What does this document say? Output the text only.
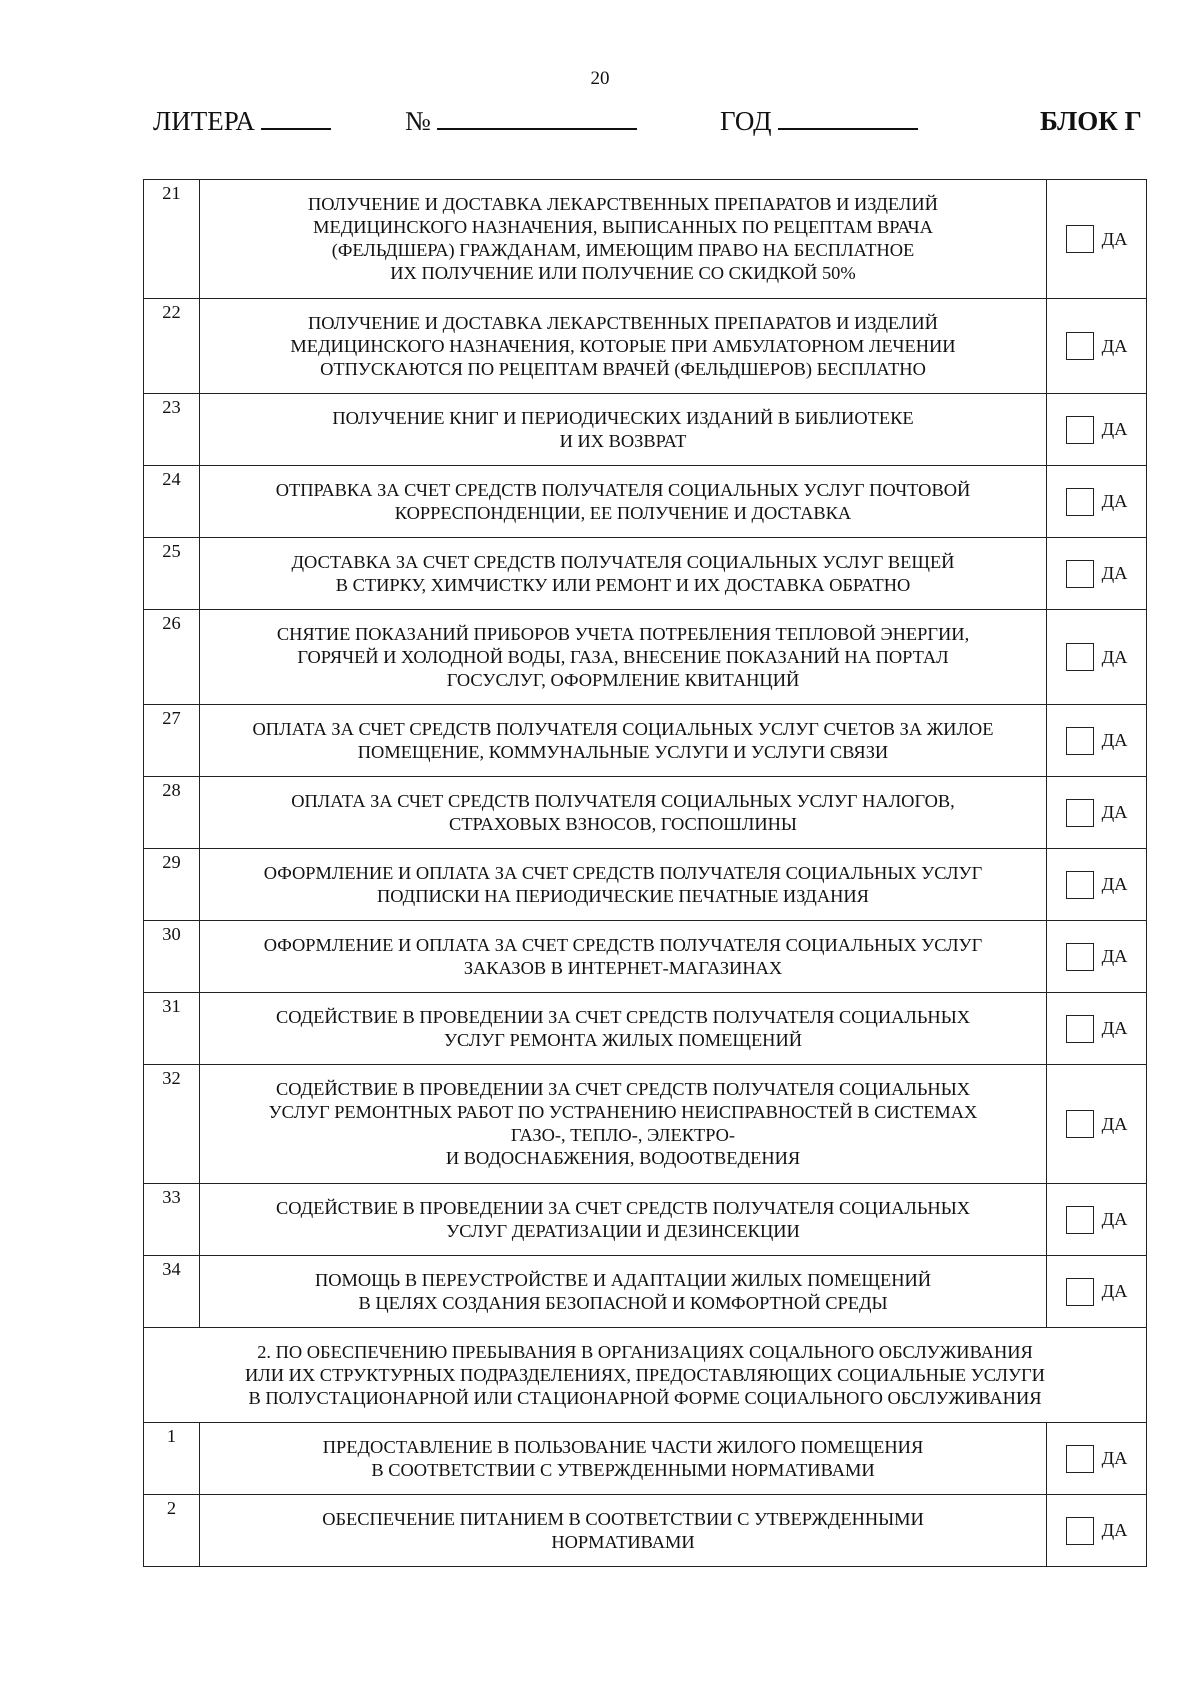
20
ЛИТЕРА	№	ГОД	БЛОК Г
21	ПОЛУЧЕНИЕ И ДОСТАВКА ЛЕКАРСТВЕННЫХ ПРЕПАРАТОВ И ИЗДЕЛИЙ
МЕДИЦИНСКОГО НАЗНАЧЕНИЯ, ВЫПИСАННЫХ ПО РЕЦЕПТАМ ВРАЧА
(ФЕЛЬДШЕРА) ГРАЖДАНАМ, ИМЕЮЩИМ ПРАВО НА БЕСПЛАТНОЕ
ИХ ПОЛУЧЕНИЕ ИЛИ ПОЛУЧЕНИЕ СО СКИДКОЙ 50%	ДА

22	ПОЛУЧЕНИЕ И ДОСТАВКА ЛЕКАРСТВЕННЫХ ПРЕПАРАТОВ И ИЗДЕЛИЙ
МЕДИЦИНСКОГО НАЗНАЧЕНИЯ, КОТОРЫЕ ПРИ АМБУЛАТОРНОМ ЛЕЧЕНИИ
ОТПУСКАЮТСЯ ПО РЕЦЕПТАМ ВРАЧЕЙ (ФЕЛЬДШЕРОВ) БЕСПЛАТНО	ДА

23	ПОЛУЧЕНИЕ КНИГ И ПЕРИОДИЧЕСКИХ ИЗДАНИЙ В БИБЛИОТЕКЕ
И ИХ ВОЗВРАТ	ДА

24	ОТПРАВКА ЗА СЧЕТ СРЕДСТВ ПОЛУЧАТЕЛЯ СОЦИАЛЬНЫХ УСЛУГ ПОЧТОВОЙ
КОРРЕСПОНДЕНЦИИ, ЕЕ ПОЛУЧЕНИЕ И ДОСТАВКА	ДА

25	ДОСТАВКА ЗА СЧЕТ СРЕДСТВ ПОЛУЧАТЕЛЯ СОЦИАЛЬНЫХ УСЛУГ ВЕЩЕЙ
В СТИРКУ, ХИМЧИСТКУ ИЛИ РЕМОНТ И ИХ ДОСТАВКА ОБРАТНО	ДА

26	СНЯТИЕ ПОКАЗАНИЙ ПРИБОРОВ УЧЕТА ПОТРЕБЛЕНИЯ ТЕПЛОВОЙ ЭНЕРГИИ,
ГОРЯЧЕЙ И ХОЛОДНОЙ ВОДЫ, ГАЗА, ВНЕСЕНИЕ ПОКАЗАНИЙ НА ПОРТАЛ
ГОСУСЛУГ, ОФОРМЛЕНИЕ КВИТАНЦИЙ	ДА

27	ОПЛАТА ЗА СЧЕТ СРЕДСТВ ПОЛУЧАТЕЛЯ СОЦИАЛЬНЫХ УСЛУГ СЧЕТОВ ЗА ЖИЛОЕ
ПОМЕЩЕНИЕ, КОММУНАЛЬНЫЕ УСЛУГИ И УСЛУГИ СВЯЗИ	ДА

28	ОПЛАТА ЗА СЧЕТ СРЕДСТВ ПОЛУЧАТЕЛЯ СОЦИАЛЬНЫХ УСЛУГ НАЛОГОВ,
СТРАХОВЫХ ВЗНОСОВ, ГОСПОШЛИНЫ	ДА

29	ОФОРМЛЕНИЕ И ОПЛАТА ЗА СЧЕТ СРЕДСТВ ПОЛУЧАТЕЛЯ СОЦИАЛЬНЫХ УСЛУГ
ПОДПИСКИ НА ПЕРИОДИЧЕСКИЕ ПЕЧАТНЫЕ ИЗДАНИЯ	ДА

30	ОФОРМЛЕНИЕ И ОПЛАТА ЗА СЧЕТ СРЕДСТВ ПОЛУЧАТЕЛЯ СОЦИАЛЬНЫХ УСЛУГ
ЗАКАЗОВ В ИНТЕРНЕТ-МАГАЗИНАХ	ДА

31	СОДЕЙСТВИЕ В ПРОВЕДЕНИИ ЗА СЧЕТ СРЕДСТВ ПОЛУЧАТЕЛЯ СОЦИАЛЬНЫХ
УСЛУГ РЕМОНТА ЖИЛЫХ ПОМЕЩЕНИЙ	ДА

32	СОДЕЙСТВИЕ В ПРОВЕДЕНИИ ЗА СЧЕТ СРЕДСТВ ПОЛУЧАТЕЛЯ СОЦИАЛЬНЫХ
УСЛУГ РЕМОНТНЫХ РАБОТ ПО УСТРАНЕНИЮ НЕИСПРАВНОСТЕЙ В СИСТЕМАХ
ГАЗО-, ТЕПЛО-, ЭЛЕКТРО-
И ВОДОСНАБЖЕНИЯ, ВОДООТВЕДЕНИЯ	ДА

33	СОДЕЙСТВИЕ В ПРОВЕДЕНИИ ЗА СЧЕТ СРЕДСТВ ПОЛУЧАТЕЛЯ СОЦИАЛЬНЫХ
УСЛУГ ДЕРАТИЗАЦИИ И ДЕЗИНСЕКЦИИ	ДА

34	ПОМОЩЬ В ПЕРЕУСТРОЙСТВЕ И АДАПТАЦИИ ЖИЛЫХ ПОМЕЩЕНИЙ
В ЦЕЛЯХ СОЗДАНИЯ БЕЗОПАСНОЙ И КОМФОРТНОЙ СРЕДЫ	ДА

2. ПО ОБЕСПЕЧЕНИЮ ПРЕБЫВАНИЯ В ОРГАНИЗАЦИЯХ СОЦАЛЬНОГО ОБСЛУЖИВАНИЯ
ИЛИ ИХ СТРУКТУРНЫХ ПОДРАЗДЕЛЕНИЯХ, ПРЕДОСТАВЛЯЮЩИХ СОЦИАЛЬНЫЕ УСЛУГИ
В ПОЛУСТАЦИОНАРНОЙ ИЛИ СТАЦИОНАРНОЙ ФОРМЕ СОЦИАЛЬНОГО ОБСЛУЖИВАНИЯ		

1	ПРЕДОСТАВЛЕНИЕ В ПОЛЬЗОВАНИЕ ЧАСТИ ЖИЛОГО ПОМЕЩЕНИЯ
В СООТВЕТСТВИИ С УТВЕРЖДЕННЫМИ НОРМАТИВАМИ	ДА

2	ОБЕСПЕЧЕНИЕ ПИТАНИЕМ В СООТВЕТСТВИИ С УТВЕРЖДЕННЫМИ
НОРМАТИВАМИ	ДА
